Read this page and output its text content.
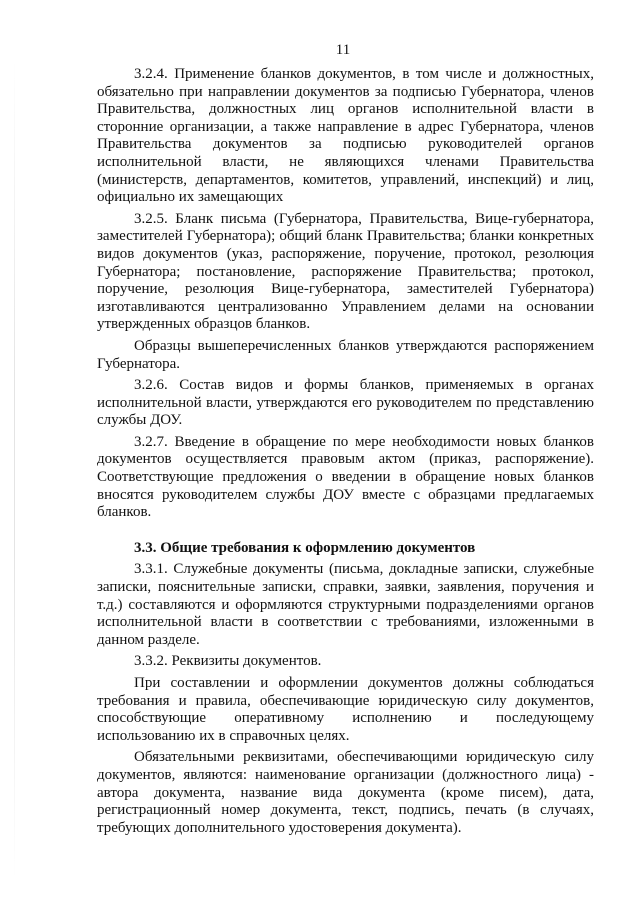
11

3.2.4. Применение бланков документов, в том числе и должностных, обязательно при направлении документов за подписью Губернатора, членов Правительства, должностных лиц органов исполнительной власти в сторонние организации, а также направление в адрес Губернатора, членов Правительства документов за подписью руководителей органов исполнительной власти, не являющихся членами Правительства (министерств, департаментов, комитетов, управлений, инспекций) и лиц, официально их замещающих

3.2.5. Бланк письма (Губернатора, Правительства, Вице-губернатора, заместителей Губернатора); общий бланк Правительства; бланки конкретных видов документов (указ, распоряжение, поручение, протокол, резолюция Губернатора; постановление, распоряжение Правительства; протокол, поручение, резолюция Вице-губернатора, заместителей Губернатора) изготавливаются централизованно Управлением делами на основании утвержденных образцов бланков.

Образцы вышеперечисленных бланков утверждаются распоряжением Губернатора.

3.2.6. Состав видов и формы бланков, применяемых в органах исполнительной власти, утверждаются его руководителем по представлению службы ДОУ.

3.2.7. Введение в обращение по мере необходимости новых бланков документов осуществляется правовым актом (приказ, распоряжение). Соответствующие предложения о введении в обращение новых бланков вносятся руководителем службы ДОУ вместе с образцами предлагаемых бланков.

3.3. Общие требования к оформлению документов

3.3.1. Служебные документы (письма, докладные записки, служебные записки, пояснительные записки, справки, заявки, заявления, поручения и т.д.) составляются и оформляются структурными подразделениями органов исполнительной власти в соответствии с требованиями, изложенными в данном разделе.

3.3.2. Реквизиты документов.

При составлении и оформлении документов должны соблюдаться требования и правила, обеспечивающие юридическую силу документов, способствующие оперативному исполнению и последующему использованию их в справочных целях.

Обязательными реквизитами, обеспечивающими юридическую силу документов, являются: наименование организации (должностного лица) - автора документа, название вида документа (кроме писем), дата, регистрационный номер документа, текст, подпись, печать (в случаях, требующих дополнительного удостоверения документа).
